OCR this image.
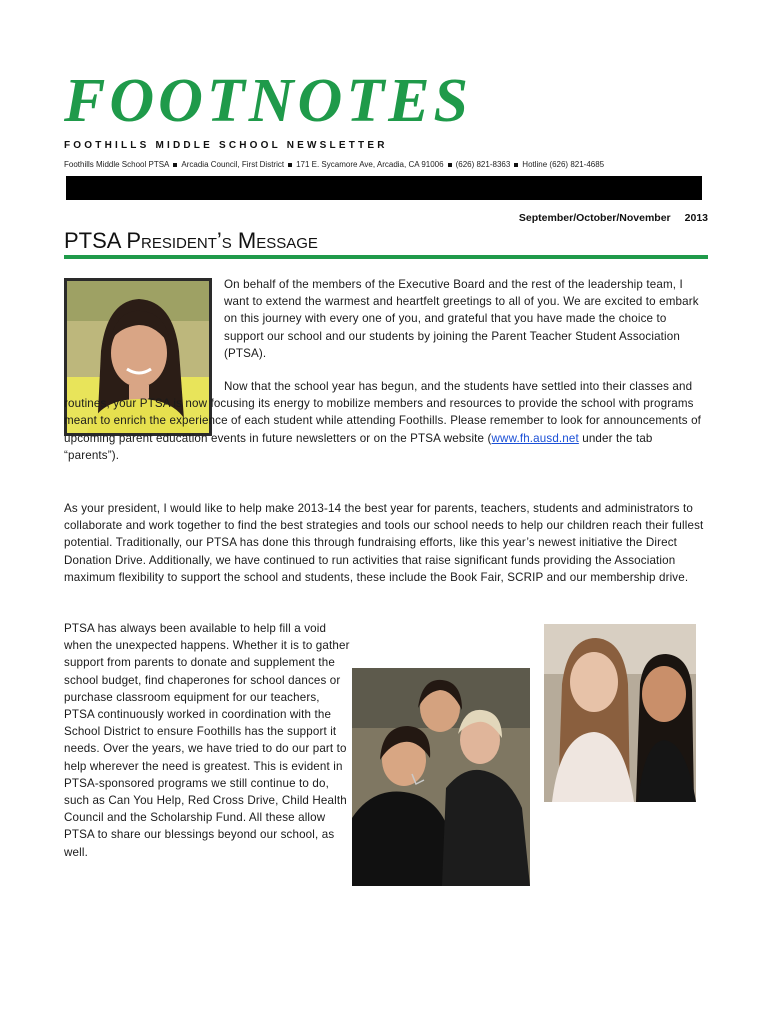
FOOTNOTES
FOOTHILLS MIDDLE SCHOOL NEWSLETTER
Foothills Middle School PTSA Arcadia Council, First District 171 E. Sycamore Ave, Arcadia, CA 91006 (626) 821-8363 Hotline (626) 821-4685
September/October/November 2013
PTSA President’s Message

On behalf of the members of the Executive Board and the rest of the leadership team, I want to extend the warmest and heartfelt greetings to all of you. We are excited to embark on this journey with every one of you, and grateful that you have made the choice to support our school and our students by joining the Parent Teacher Student Association (PTSA).

Now that the school year has begun, and the students have settled into their classes and routines, your PTSA is now focusing its energy to mobilize members and resources to provide the school with programs meant to enrich the experience of each student while attending Foothills. Please remember to look for announcements of upcoming parent education events in future newsletters or on the PTSA website (www.fh.ausd.net under the tab “parents”).

As your president, I would like to help make 2013-14 the best year for parents, teachers, students and administrators to collaborate and work together to find the best strategies and tools our school needs to help our children reach their fullest potential. Traditionally, our PTSA has done this through fundraising efforts, like this year’s newest initiative the Direct Donation Drive. Additionally, we have continued to run activities that raise significant funds providing the Association maximum flexibility to support the school and students, these include the Book Fair, SCRIP and our membership drive.

PTSA has always been available to help fill a void when the unexpected happens. Whether it is to gather support from parents to donate and supplement the school budget, find chaperones for school dances or purchase classroom equipment for our teachers, PTSA continuously worked in coordination with the School District to ensure Foothills has the support it needs. Over the years, we have tried to do our part to help wherever the need is greatest. This is evident in PTSA-sponsored programs we still continue to do, such as Can You Help, Red Cross Drive, Child Health Council and the Scholarship Fund. All these allow PTSA to share our blessings beyond our school, as well.
